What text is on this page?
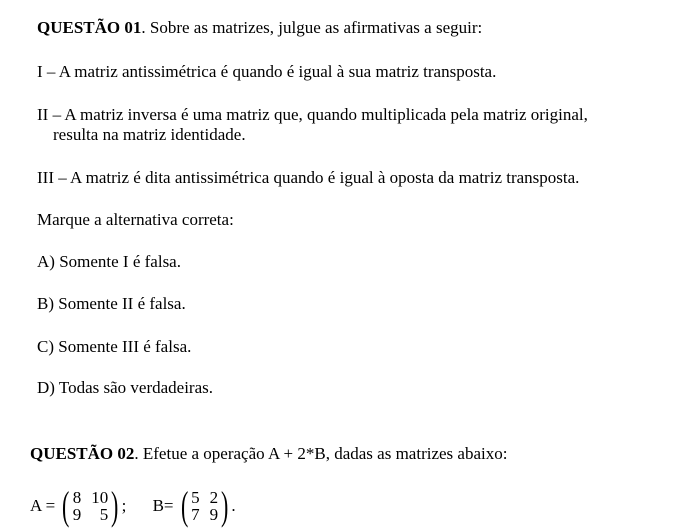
QUESTÃO 01. Sobre as matrizes, julgue as afirmativas a seguir:
I – A matriz antissimétrica é quando é igual à sua matriz transposta.
II – A matriz inversa é uma matriz que, quando multiplicada pela matriz original,
resulta na matriz identidade.
III – A matriz é dita antissimétrica quando é igual à oposta da matriz transposta.
Marque a alternativa correta:
A) Somente I é falsa.
B) Somente II é falsa.
C) Somente III é falsa.
D) Todas são verdadeiras.
QUESTÃO 02. Efetue a operação A + 2*B, dadas as matrizes abaixo:
A = ( 8 10
9	5 ) ; B= ( 5 2
7 9 ) .
